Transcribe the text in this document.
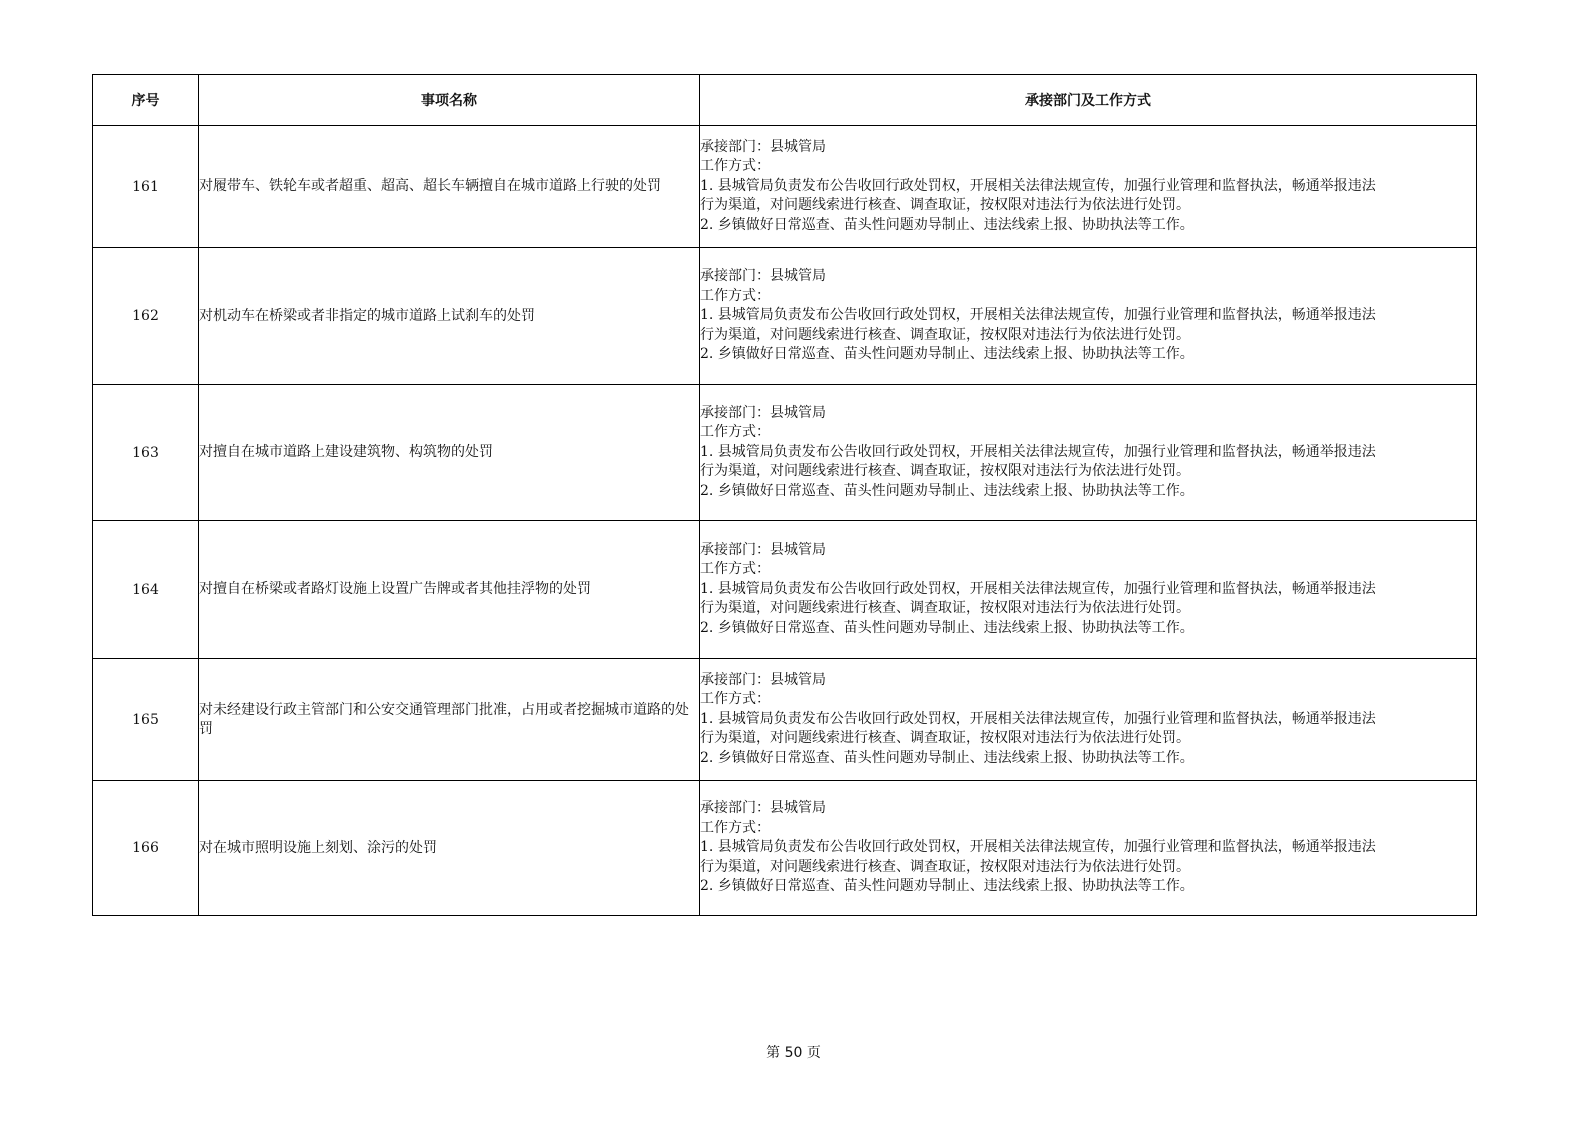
序号	事项名称	承接部门及工作方式
161	对履带车、铁轮车或者超重、超高、超长车辆擅自在城市道路上行驶的处罚	承接部门：县城管局
工作方式：
1. 县城管局负责发布公告收回行政处罚权，开展相关法律法规宣传，加强行业管理和监督执法，畅通举报违法
行为渠道，对问题线索进行核查、调查取证，按权限对违法行为依法进行处罚。
2. 乡镇做好日常巡查、苗头性问题劝导制止、违法线索上报、协助执法等工作。

162	对机动车在桥梁或者非指定的城市道路上试刹车的处罚	承接部门：县城管局
工作方式：
1. 县城管局负责发布公告收回行政处罚权，开展相关法律法规宣传，加强行业管理和监督执法，畅通举报违法
行为渠道，对问题线索进行核查、调查取证，按权限对违法行为依法进行处罚。
2. 乡镇做好日常巡查、苗头性问题劝导制止、违法线索上报、协助执法等工作。

163	对擅自在城市道路上建设建筑物、构筑物的处罚	承接部门：县城管局
工作方式：
1. 县城管局负责发布公告收回行政处罚权，开展相关法律法规宣传，加强行业管理和监督执法，畅通举报违法
行为渠道，对问题线索进行核查、调查取证，按权限对违法行为依法进行处罚。
2. 乡镇做好日常巡查、苗头性问题劝导制止、违法线索上报、协助执法等工作。

164	对擅自在桥梁或者路灯设施上设置广告牌或者其他挂浮物的处罚	承接部门：县城管局
工作方式：
1. 县城管局负责发布公告收回行政处罚权，开展相关法律法规宣传，加强行业管理和监督执法，畅通举报违法
行为渠道，对问题线索进行核查、调查取证，按权限对违法行为依法进行处罚。
2. 乡镇做好日常巡查、苗头性问题劝导制止、违法线索上报、协助执法等工作。

165	对未经建设行政主管部门和公安交通管理部门批准，占用或者挖掘城市道路的处罚	承接部门：县城管局
工作方式：
1. 县城管局负责发布公告收回行政处罚权，开展相关法律法规宣传，加强行业管理和监督执法，畅通举报违法
行为渠道，对问题线索进行核查、调查取证，按权限对违法行为依法进行处罚。
2. 乡镇做好日常巡查、苗头性问题劝导制止、违法线索上报、协助执法等工作。

166	对在城市照明设施上刻划、涂污的处罚	承接部门：县城管局
工作方式：
1. 县城管局负责发布公告收回行政处罚权，开展相关法律法规宣传，加强行业管理和监督执法，畅通举报违法
行为渠道，对问题线索进行核查、调查取证，按权限对违法行为依法进行处罚。
2. 乡镇做好日常巡查、苗头性问题劝导制止、违法线索上报、协助执法等工作。
第 50 页
